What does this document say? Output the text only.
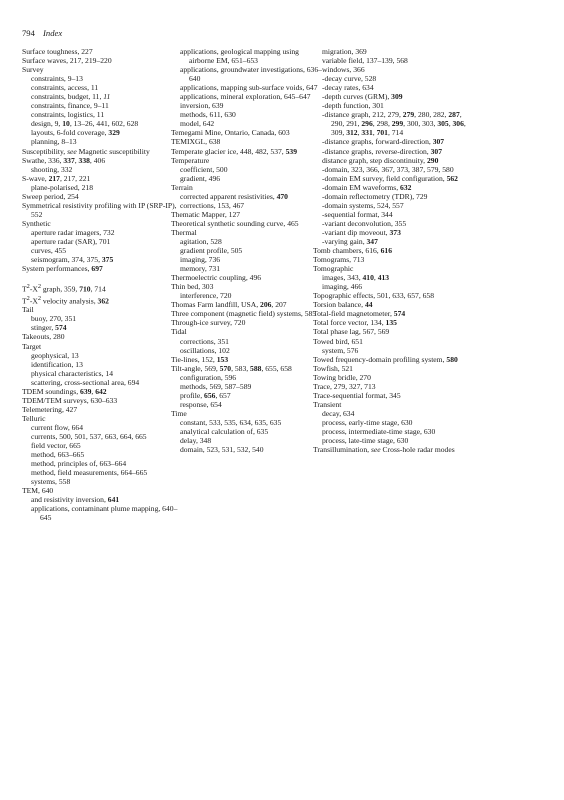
794 Index
Surface toughness, 227
Surface waves, 217, 219–220
Survey
constraints, 9–13
constraints, access, 11
constraints, budget, 11, 11
constraints, finance, 9–11
constraints, logistics, 11
design, 9, 10, 13–26, 441, 602, 628
layouts, 6-fold coverage, 329
planning, 8–13
Susceptibility, see Magnetic susceptibility
Swathe, 336, 337, 338, 406
shooting, 332
S-wave, 217, 217, 221
plane-polarised, 218
Sweep period, 254
Symmetrical resistivity profiling with IP (SRP-IP), 552
Synthetic
aperture radar imagers, 732
aperture radar (SAR), 701
curves, 455
seismogram, 374, 375, 375
System performances, 697
$T^2-X^2$ graph, 359, 710, 714
$T^2-X^2$ velocity analysis, 362
Tail
buoy, 270, 351
stinger, 574
Takeouts, 280
Target
geophysical, 13
identification, 13
physical characteristics, 14
scattering, cross-sectional area, 694
TDEM soundings, 639, 642
TDEM/TEM surveys, 630–633
Telemetering, 427
Telluric
current flow, 664
currents, 500, 501, 537, 663, 664, 665
field vector, 665
method, 663–665
method, principles of, 663–664
method, field measurements, 664–665
systems, 558
TEM, 640
and resistivity inversion, 641
applications, contaminant plume mapping, 640–645
applications, geological mapping using airborne EM, 651–653
applications, groundwater investigations, 636–640
applications, mapping sub-surface voids, 647
applications, mineral exploration, 645–647
inversion, 639
methods, 611, 630
model, 642
Temegami Mine, Ontario, Canada, 603
TEMIXGL, 638
Temperate glacier ice, 448, 482, 537, 539
Temperature
coefficient, 500
gradient, 496
Terrain
corrected apparent resistivities, 470
corrections, 153, 467
Thematic Mapper, 127
Theoretical synthetic sounding curve, 465
Thermal
agitation, 528
gradient profile, 505
imaging, 736
memory, 731
Thermoelectric coupling, 496
Thin bed, 303
interference, 720
Thomas Farm landfill, USA, 206, 207
Three component (magnetic field) systems, 585
Through-ice survey, 720
Tidal
corrections, 351
oscillations, 102
Tie-lines, 152, 153
Tilt-angle, 569, 570, 583, 588, 655, 658
configuration, 596
methods, 569, 587–589
profile, 656, 657
response, 654
Time
constant, 533, 535, 634, 635, 635
analytical calculation of, 635
delay, 348
domain, 523, 531, 532, 540
migration, 369
variable field, 137–139, 568
windows, 366
-decay curve, 528
-decay rates, 634
-depth curves (GRM), 309
-depth function, 301
-distance graph, 212, 279, 279, 280, 282, 287, 290, 291, 296, 298, 299, 300, 303, 305, 306, 309, 312, 331, 701, 714
-distance graphs, forward-direction, 307
-distance graphs, reverse-direction, 307
distance graph, step discontinuity, 290
-domain, 323, 366, 367, 373, 387, 579, 580
-domain EM survey, field configuration, 562
-domain EM waveforms, 632
-domain reflectometry (TDR), 729
-domain systems, 524, 557
-sequential format, 344
-variant deconvolution, 355
-variant dip moveout, 373
-varying gain, 347
Tomb chambers, 616, 616
Tomograms, 713
Tomographic
images, 343, 410, 413
imaging, 466
Topographic effects, 501, 633, 657, 658
Torsion balance, 44
Total-field magnetometer, 574
Total force vector, 134, 135
Total phase lag, 567, 569
Towed bird, 651
system, 576
Towed frequency-domain profiling system, 580
Towfish, 521
Towing bridle, 270
Trace, 279, 327, 713
Trace-sequential format, 345
Transient
decay, 634
process, early-time stage, 630
process, intermediate-time stage, 630
process, late-time stage, 630
Transillumination, see Cross-hole radar modes
